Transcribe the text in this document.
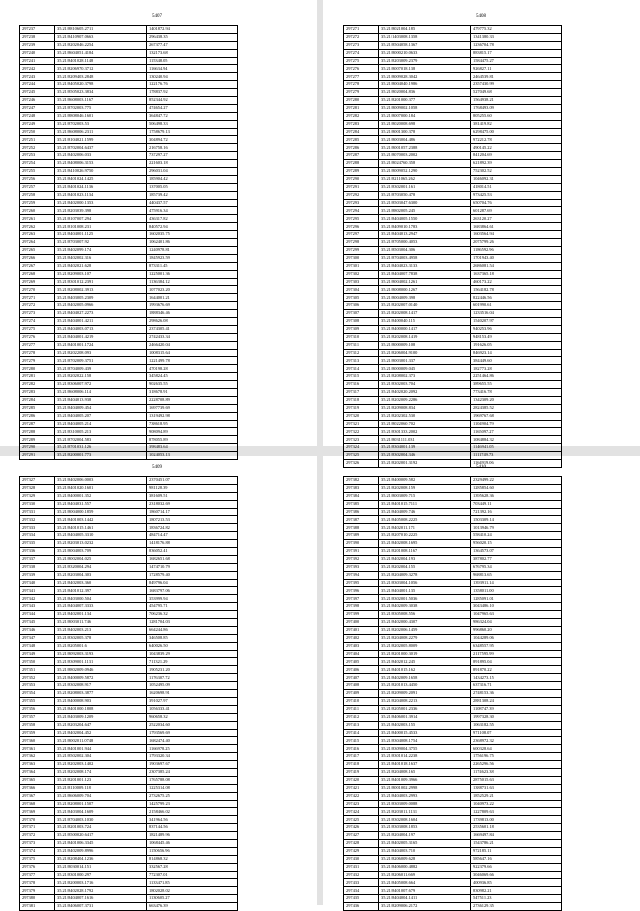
5407
297237	35.21/8810605.2711	1401872.94
297238	35.21/8410907.0663	296438.35
297239	35.21/8202046.2254	267377.47
297240	35.21/8604051.4184	132173.68
297241	35.21/8401028.1148	115348.05
297242	35.21/8206970.3712	116634.94
297243	35.21/8209403.2848	130240.94
297244	35.21/8405020.3798	122176.76
297245	35.21/8505023.3834	178837.92
297246	35.21/8608003.1167	852344.92
297247	35.21/8702003.775	474654.27
297248	35.21/8808046.1601	364847.72
297249	35.21/8702003.53	506498.33
297250	35.21/8608006.2311	1758679.13
297251	35.21/8104021.1599	304894.72
297252	35.21/8702004.6437	216758.16
297253	35.21/8402006.033	737297.27
297254	35.21/8408006.3153	221603.18
297255	35.21/8410026.9750	296031.04
297256	35.21/8401024.1425	185904.42
297257	35.21/8401024.1136	137005.05
297258	35.21/8401023.1134	185739.42
297259	35.21/8402000.1353	440437.57
297260	35.21/8203039.398	475916.34
297261	35.21/8107007.294	436317.82
297262	35.21/8101008.231	840572.94
297263	35.21/8404001.1125	1602035.75
297264	35.21/8703007.92	1062401.86
297265	35.21/8402099.174	1240978.81
297266	35.21/8402002.316	1845923.59
297267	35.21/8402021.628	873311.45
297268	35.21/8209003.107	1225001.36
297269	35.21/8301012.2391	1136384.12
297270	35.21/8208002.3913	1077023.20
297271	35.21/8403005.2309	1644001.21
297272	35.21/8402005.0966	1993676.69
297273	35.21/8404027.2273	1888346.46
297274	35.21/8404001.4211	298626.08
297275	35.21/8404003.0713	2374305.41
297276	35.21/8404001.4219	2742433.34
297277	35.21/8401001.1724	2466420.04
297278	35.21/8202208.093	1008315.64
297279	35.21/8702009.3751	1221499.78
297280	35.21/8704009.439	470198.28
297281	35.21/8202022.158	345824.45
297282	35.21/8306007.972	902635.55
297283	35.21/8608006.114	318678.91
297284	35.21/8404013.938	2228708.89
297285	35.21/8404009.454	1697739.69
297286	35.21/8404005.207	1319492.98
297287	35.21/8404005.214	738618.95
297288	35.21/8310005.213	908094.89
297289	35.21/8702004.583	878055.89
297290	35.21/8701031.126	398483.64
297291	35.21/8200001.773	1024053.13
5408
297271	35.21/8021004.185	479775.32
297272	35.21/1403008.1358	1341380.33
297273	35.21/8504058.1367	1236704.78
297274	35.21/8000210.0633	883815.17
297275	35.21/8203009.2379	1584475.27
297276	35.21/8007018.138	926827.11
297277	35.21/8009028.3042	2464539.81
297278	35.21/8004040.1986	2357430.99
297279	35.21/8020004.836	527049.68
297280	35.21/8201000.377	1564938.21
297281	35.21/8009002.1058	1768493.09
297282	35.21/8007000.184	805255.60
297283	35.21/8020008.698	381419.82
297284	35.21/8001300.378	6298475.00
297285	35.21/8003004.486	972212.78
297286	35.21/8001057.2388	490145.22
297287	35.21/8070003.2002	841204.69
297288	35.21/8024760.358	621892.39
297289	35.21/8009052.1290	752302.52
297290	35.21/8211065.262	1046092.31
297291	35.21/8302001.161	418014.51
297292	35.21/8703050.478	973425.53
297293	35.21/8503047.6300	650704.76
297294	35.21/8802005.245	601287.69
297295	35.21/8404005.1550	263120.27
297296	35.21/8409010.1783	1683864.61
297297	35.21/8404013.2947	1603564.94
297298	35.21/8705000.4053	2075799.26
297299	35.21/8503004.306	1186592.96
297300	35.21/8704003.4958	1701943.40
297301	35.21/8404023.3133	2686081.54
297302	35.21/8404007.7838	1637365.18
297303	35.21/8004002.1261	460173.22
297304	35.21/8008000.1267	1564182.78
297305	35.21/8004009.398	822446.56
297306	35.21/8202007.0140	601990.61
297307	35.21/8202008.1417	1233516.04
297308	35.21/8400040.115	1540207.97
297309	35.21/8400000.1417	940253.96
297310	35.21/8202008.1419	948153.49
297311	35.21/8000009.108	191626.05
297312	35.21/8206004.9100	846923.14
297313	35.21/8003001.337	384449.60
297314	35.21/8000009.045	182773.28
297315	35.21/8208002.373	2251464.86
297316	35.21/8302003.704	389655.55
297317	35.21/8402020.2092	773416.78
297318	35.21/8202009.2286	1342309.20
297319	35.21/8209008.834	2824385.52
297320	35.21/8202302.530	1969767.68
297321	35.21/8022060.702	1104904.79
297322	35.21/8301333.2002	1165097.27
297323	35.21/8031111.031	1084884.32
297324	35.21/8304001.139	1146941.05
297325	35.21/8302004.346	1111749.73
297326	35.21/8202001.3192	1164919.06
5409
297327	35.21/8402006.0003	2370451.07
297328	35.21/8401020.1601	981128.39
297329	35.21/8400001.352	381609.51
297330	35.21/8404031.557	2318032.69
297331	35.21/8004000.1859	1860714.17
297332	35.21/8401003.1442	1807213.53
297333	35.21/8401015.1461	1836724.82
297334	35.21/8404005.3310	484714.47
297335	35.21/8203013.0232	1418176.88
297336	35.21/8004003.709	836052.41
297337	35.21/8002004.025	1682651.68
297338	35.21/8320004.294	1474710.79
297339	35.21/8203004.303	1728579.40
297340	35.21/8402003.360	849796.04
297341	35.21/8401012.397	1683797.06
297342	35.21/8403000.504	353999.94
297343	35.21/8404007.3333	454795.71
297344	35.21/8402001.134	706236.32
297345	35.21/8003011.746	1281704.03
297346	35.21/8402003.213	664244.86
297347	35.21/8302005.378	346508.85
297348	35.21/8205001.6	640026.50
297349	35.21/8092003.3193	1043839.29
297350	35.21/8309001.1131	711321.29
297351	35.21/8802009.0946	1905231.20
297352	35.21/8400009.5872	1176307.72
297353	35.21/8302008.917	1052495.09
297354	35.21/8208003.3877	1620698.91
297355	35.21/8400008.903	391027.97
297356	35.21/8401000.1808	1056333.41
297357	35.21/8403009.1209	960658.32
297358	35.21/8203204.647	2522034.60
297359	35.21/8402004.452	1793569.69
297360	35.21/8002011.0748	1682474.40
297361	35.21/8401001.944	1166978.25
297362	35.21/8502002.304	1793320.34
297363	35.21/8202003.1402	1903697.67
297364	35.21/8202008.174	2307385.24
297365	35.21/8201001.123	1765788.08
297366	35.21/8110009.118	1225314.08
297367	35.21/8606009.704	2732675.25
297368	35.21/8208001.1507	1425799.23
297369	35.21/8403004.1609	2158466.02
297370	35.21/8704003.1030	341964.56
297371	35.21/8201003.724	837144.56
297372	35.21/8500020.6417	1821489.96
297373	35.21/8401006.3345	1068445.46
297374	35.21/8402009.8996	1150656.96
297375	35.21/8208404.1236	814868.32
297376	35.21/8030014.151	332567.28
297377	35.21/8301000.297	772307.01
297378	35.21/8200003.1716	1133471.85
297379	35.21/8402028.1792	1802028.02
297380	35.21/8404007.1616	1130605.27
297381	35.21/8406007.3731	663476.39
5410
297382	35.21/8400009.582	2329499.22
297383	35.21/8202008.159	1285854.60
297384	35.21/8003009.715	1395628.36
297385	35.21/8401015.7111	703449.11
297386	35.21/8404009.746	721392.16
297387	35.21/8405008.2225	1503309.14
297388	35.21/8402011.171	1013946.79
297389	35.21/8207010.2225	558410.24
297390	35.21/8402008.1695	956020.15
297391	35.21/8201008.1167	1364573.07
297392	35.21/8402004.193	387802.77
297393	35.21/8202004.155	676795.34
297394	35.21/8204009.3278	968813.65
297395	35.21/8303004.1056	1393911.14
297396	35.21/8404001.135	1358011.00
297397	35.21/8302001.5036	1285091.01
297398	35.21/8402009.3038	3043486.10
297399	35.21/8305008.556	1047965.63
297400	35.21/8402000.4307	986324.04
297401	35.21/8202006.1459	996860.20
297402	35.21/8204008.2279	1044289.06
297403	35.21/8202005.8009	6348557.95
297404	35.21/8201000.3019	2117595.99
297405	35.21/8402012.245	891895.04
297406	35.21/8401015.162	891870.22
297407	35.21/8402009.1658	1434273.15
297408	35.21/8201013.4450	637316.71
297409	35.21/8209009.2091	2748153.36
297410	35.21/8204008.2213	2881308.24
297411	35.21/8205001.2336	1108747.39
297412	35.21/8406001.3914	1997328.30
297413	35.21/8402003.155	1063182.55
297414	35.21/8400015.4533	971108.07
297415	35.21/8304008.1754	2368972.32
297416	35.21/8309004.3755	600328.64
297417	35.21/8301014.2238	1756196.75
297418	35.21/8401018.1637	2265296.56
297419	35.21/8204008.165	1174623.38
297420	35.21/8401009.3966	2875015.63
297421	35.21/8001002.2998	1388731.63
297422	35.21/8404003.2993	1852529.21
297423	35.21/8303009.0088	1040973.22
297424	35.21/8203011.1131	1227809.63
297425	35.21/8302008.1604	1739813.00
297426	35.21/8303008.1853	2535601.18
297427	35.21/8204004.197	1669497.84
297428	35.21/8402005.3165	1543786.21
297429	35.21/8404003.710	972185.11
297430	35.21/8206009.628	585647.16
297431	35.21/8406000.4882	922379.66
297432	35.21/8206011.669	3046069.66
297433	35.21/8405008.664	400936.85
297434	35.21/8401007.679	830982.21
297435	35.21/8404004.1411	547511.23
297436	35.21/8209006.2172	2736129.35
